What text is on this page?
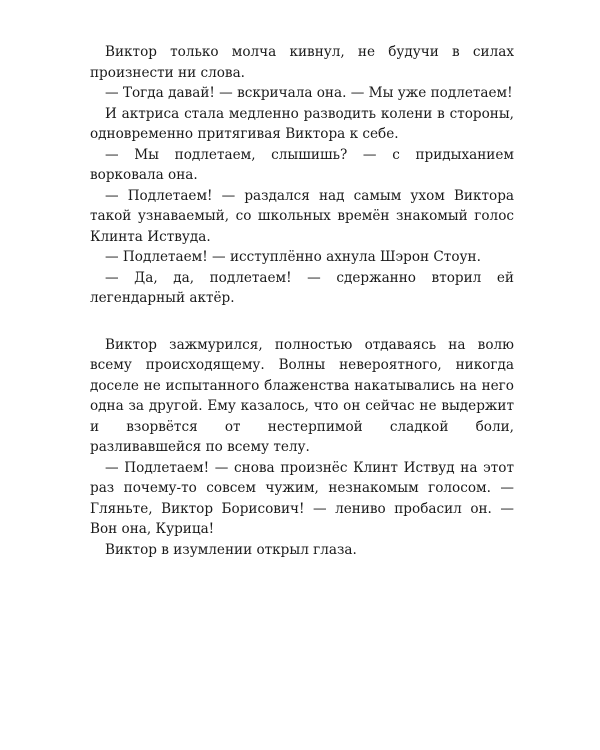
Виктор только молча кивнул, не будучи в силах произнести ни слова.

— Тогда давай! — вскричала она. — Мы уже подлетаем!

И актриса стала медленно разводить колени в стороны, одновременно притягивая Виктора к себе.

— Мы подлетаем, слышишь? — с придыханием ворковала она.

— Подлетаем! — раздался над самым ухом Виктора такой узнаваемый, со школьных времён знакомый голос Клинта Иствуда.

— Подлетаем! — исступлённо ахнула Шэрон Стоун.

— Да, да, подлетаем! — сдержанно вторил ей легендарный актёр.

Виктор зажмурился, полностью отдаваясь на волю всему происходящему. Волны невероятного, никогда доселе не испытанного блаженства накатывались на него одна за другой. Ему казалось, что он сейчас не выдержит и взорвётся от нестерпимой сладкой боли, разливавшейся по всему телу.

— Подлетаем! — снова произнёс Клинт Иствуд на этот раз почему-то совсем чужим, незнакомым голосом. — Гляньте, Виктор Борисович! — лениво пробасил он. — Вон она, Курица!

Виктор в изумлении открыл глаза.
